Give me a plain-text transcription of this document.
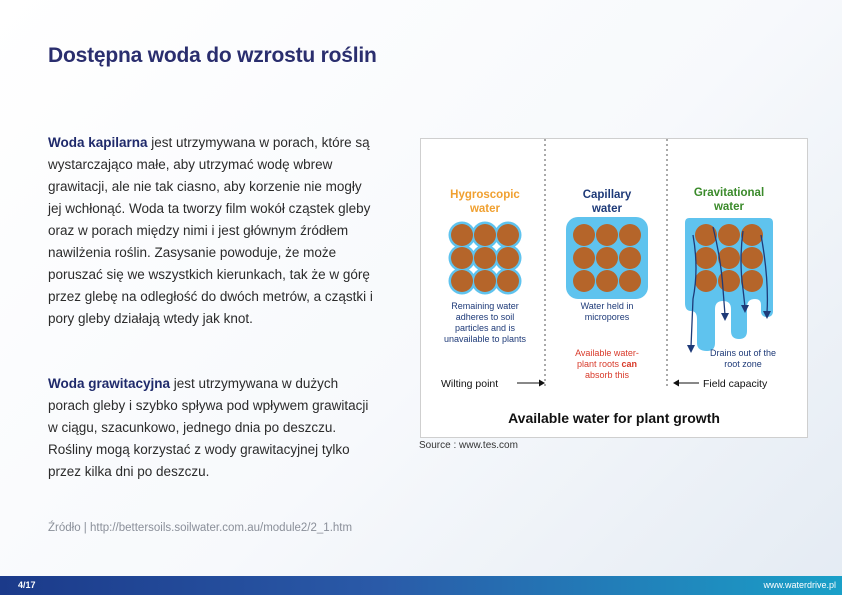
Dostępna woda do wzrostu roślin
Woda kapilarna jest utrzymywana w porach, które są wystarczająco małe, aby utrzymać wodę wbrew grawitacji, ale nie tak ciasno, aby korzenie nie mogły jej wchłonąć. Woda ta tworzy film wokół cząstek gleby oraz w porach między nimi i jest głównym źródłem nawilżenia roślin. Zasysanie powoduje, że może poruszać się we wszystkich kierunkach, tak że w górę przez glebę na odległość do dwóch metrów, a cząstki i pory gleby działają wtedy jak knot.
Woda grawitacyjna jest utrzymywana w dużych porach gleby i szybko spływa pod wpływem grawitacji w ciągu, szacunkowo, jednego dnia po deszczu. Rośliny mogą korzystać z wody grawitacyjnej tylko przez kilka dni po deszczu.
Źródło | http://bettersoils.soilwater.com.au/module2/2_1.htm
Hygroscopic
water
Capillary
water
Gravitational
water
Remaining water
adheres to soil
particles and is
unavailable to plants
Water held in
micropores
Available water-
plant roots can
absorb this
Drains out of the
root zone
Wilting point	Field capacity
Available water for plant growth
Source : www.tes.com
4/17	www.waterdrive.pl
